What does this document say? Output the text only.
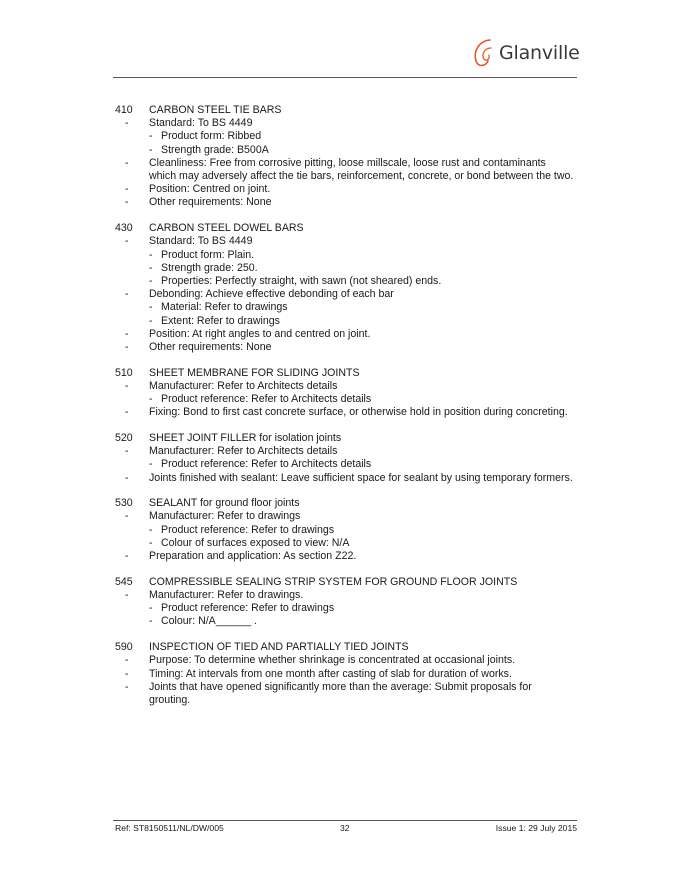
Glanville
410 CARBON STEEL TIE BARS
- Standard: To BS 4449
- Product form: Ribbed
- Strength grade: B500A
- Cleanliness: Free from corrosive pitting, loose millscale, loose rust and contaminants which may adversely affect the tie bars, reinforcement, concrete, or bond between the two.
- Position: Centred on joint.
- Other requirements: None
430 CARBON STEEL DOWEL BARS
- Standard: To BS 4449
- Product form: Plain.
- Strength grade: 250.
- Properties: Perfectly straight, with sawn (not sheared) ends.
- Debonding: Achieve effective debonding of each bar
- Material: Refer to drawings
- Extent: Refer to drawings
- Position: At right angles to and centred on joint.
- Other requirements: None
510 SHEET MEMBRANE FOR SLIDING JOINTS
- Manufacturer: Refer to Architects details
- Product reference: Refer to Architects details
- Fixing: Bond to first cast concrete surface, or otherwise hold in position during concreting.
520 SHEET JOINT FILLER for isolation joints
- Manufacturer: Refer to Architects details
- Product reference: Refer to Architects details
- Joints finished with sealant: Leave sufficient space for sealant by using temporary formers.
530 SEALANT for ground floor joints
- Manufacturer: Refer to drawings
- Product reference: Refer to drawings
- Colour of surfaces exposed to view: N/A
- Preparation and application: As section Z22.
545 COMPRESSIBLE SEALING STRIP SYSTEM FOR GROUND FLOOR JOINTS
- Manufacturer: Refer to drawings.
- Product reference: Refer to drawings
- Colour: N/A______ .
590 INSPECTION OF TIED AND PARTIALLY TIED JOINTS
- Purpose: To determine whether shrinkage is concentrated at occasional joints.
- Timing: At intervals from one month after casting of slab for duration of works.
- Joints that have opened significantly more than the average: Submit proposals for grouting.
Ref: ST8150511/NL/DW/005	32	Issue 1: 29 July 2015
